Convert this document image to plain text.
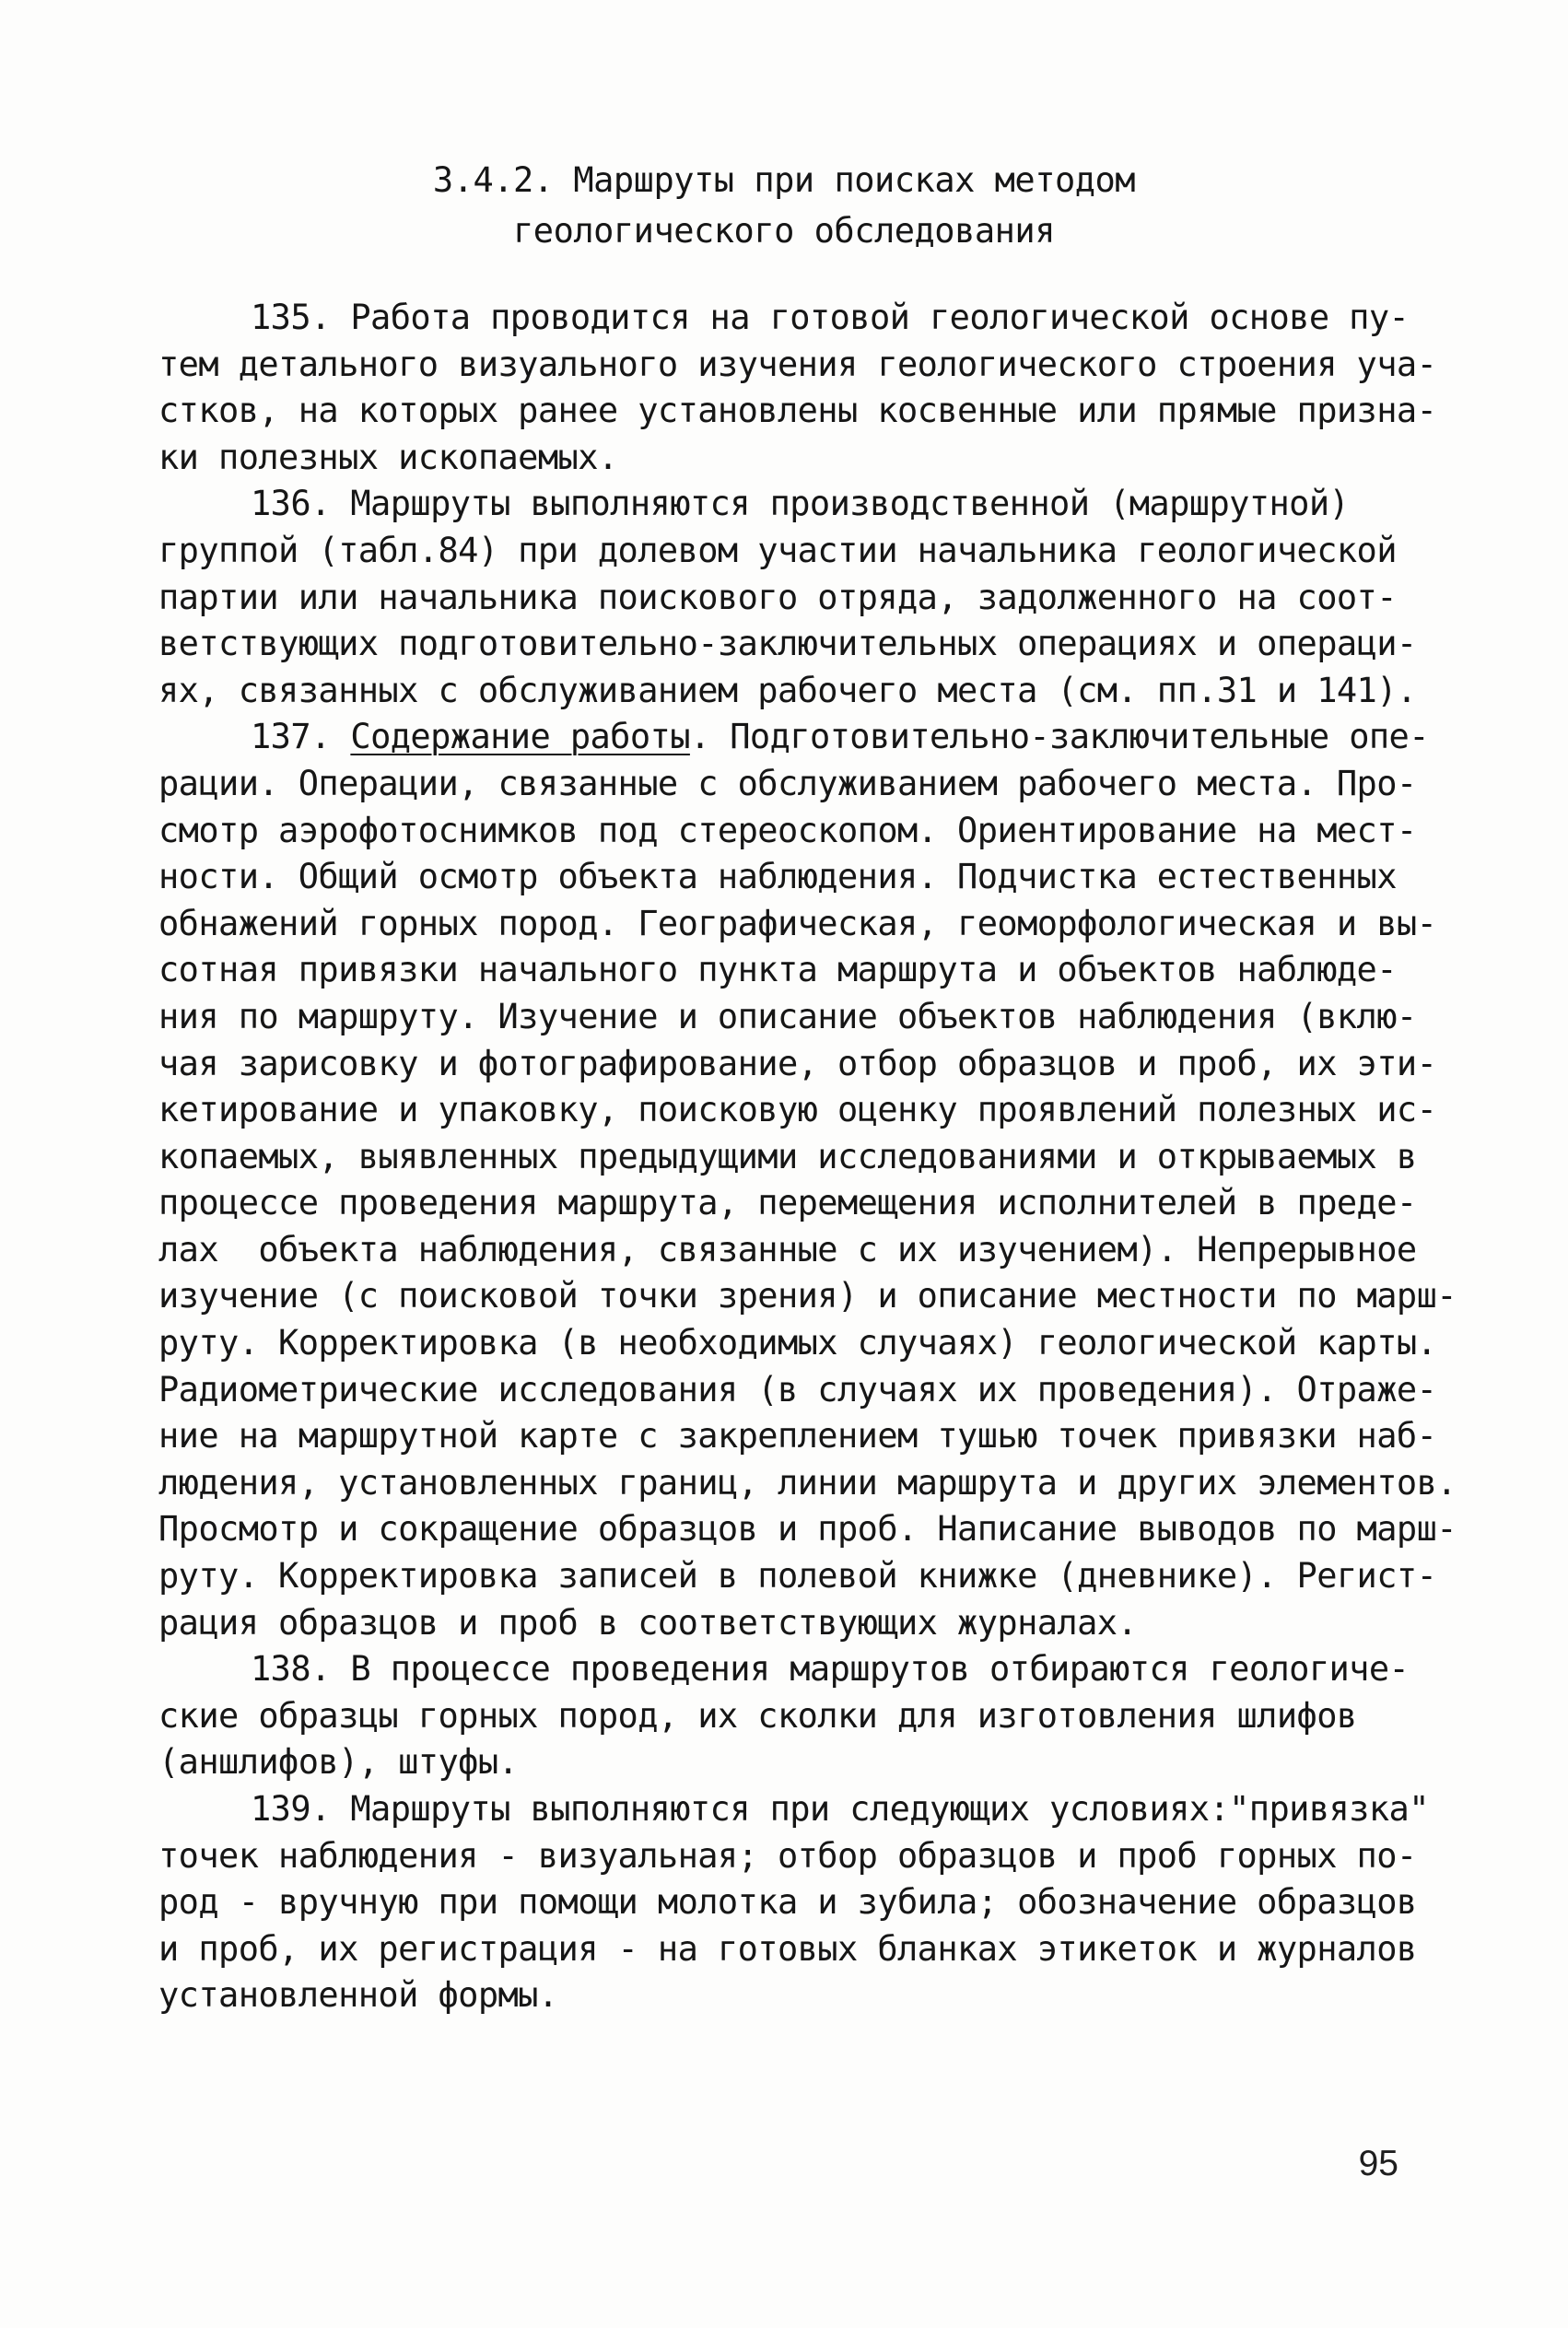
3.4.2. Маршруты при поисках методом
геологического обследования
135. Работа проводится на готовой геологической основе пу-
тем детального визуального изучения геологического строения уча-
стков, на которых ранее установлены косвенные или прямые призна-
ки полезных ископаемых.
136. Маршруты выполняются производственной (маршрутной)
группой (табл.84) при долевом участии начальника геологической
партии или начальника поискового отряда, задолженного на соот-
ветствующих подготовительно-заключительных операциях и операци-
ях, связанных с обслуживанием рабочего места (см. пп.31 и 141).
137. Содержание работы. Подготовительно-заключительные опе-
рации. Операции, связанные с обслуживанием рабочего места. Про-
смотр аэрофотоснимков под стереоскопом. Ориентирование на мест-
ности. Общий осмотр объекта наблюдения. Подчистка естественных
обнажений горных пород. Географическая, геоморфологическая и вы-
сотная привязки начального пункта маршрута и объектов наблюде-
ния по маршруту. Изучение и описание объектов наблюдения (вклю-
чая зарисовку и фотографирование, отбор образцов и проб, их эти-
кетирование и упаковку, поисковую оценку проявлений полезных ис-
копаемых, выявленных предыдущими исследованиями и открываемых в
процессе проведения маршрута, перемещения исполнителей в преде-
лах  объекта наблюдения, связанные с их изучением). Непрерывное
изучение (с поисковой точки зрения) и описание местности по марш-
руту. Корректировка (в необходимых случаях) геологической карты.
Радиометрические исследования (в случаях их проведения). Отраже-
ние на маршрутной карте с закреплением тушью точек привязки наб-
людения, установленных границ, линии маршрута и других элементов.
Просмотр и сокращение образцов и проб. Написание выводов по марш-
руту. Корректировка записей в полевой книжке (дневнике). Регист-
рация образцов и проб в соответствующих журналах.
138. В процессе проведения маршрутов отбираются геологиче-
ские образцы горных пород, их сколки для изготовления шлифов
(аншлифов), штуфы.
139. Маршруты выполняются при следующих условиях:"привязка"
точек наблюдения - визуальная; отбор образцов и проб горных по-
род - вручную при помощи молотка и зубила; обозначение образцов
и проб, их регистрация - на готовых бланках этикеток и журналов
установленной формы.
95
